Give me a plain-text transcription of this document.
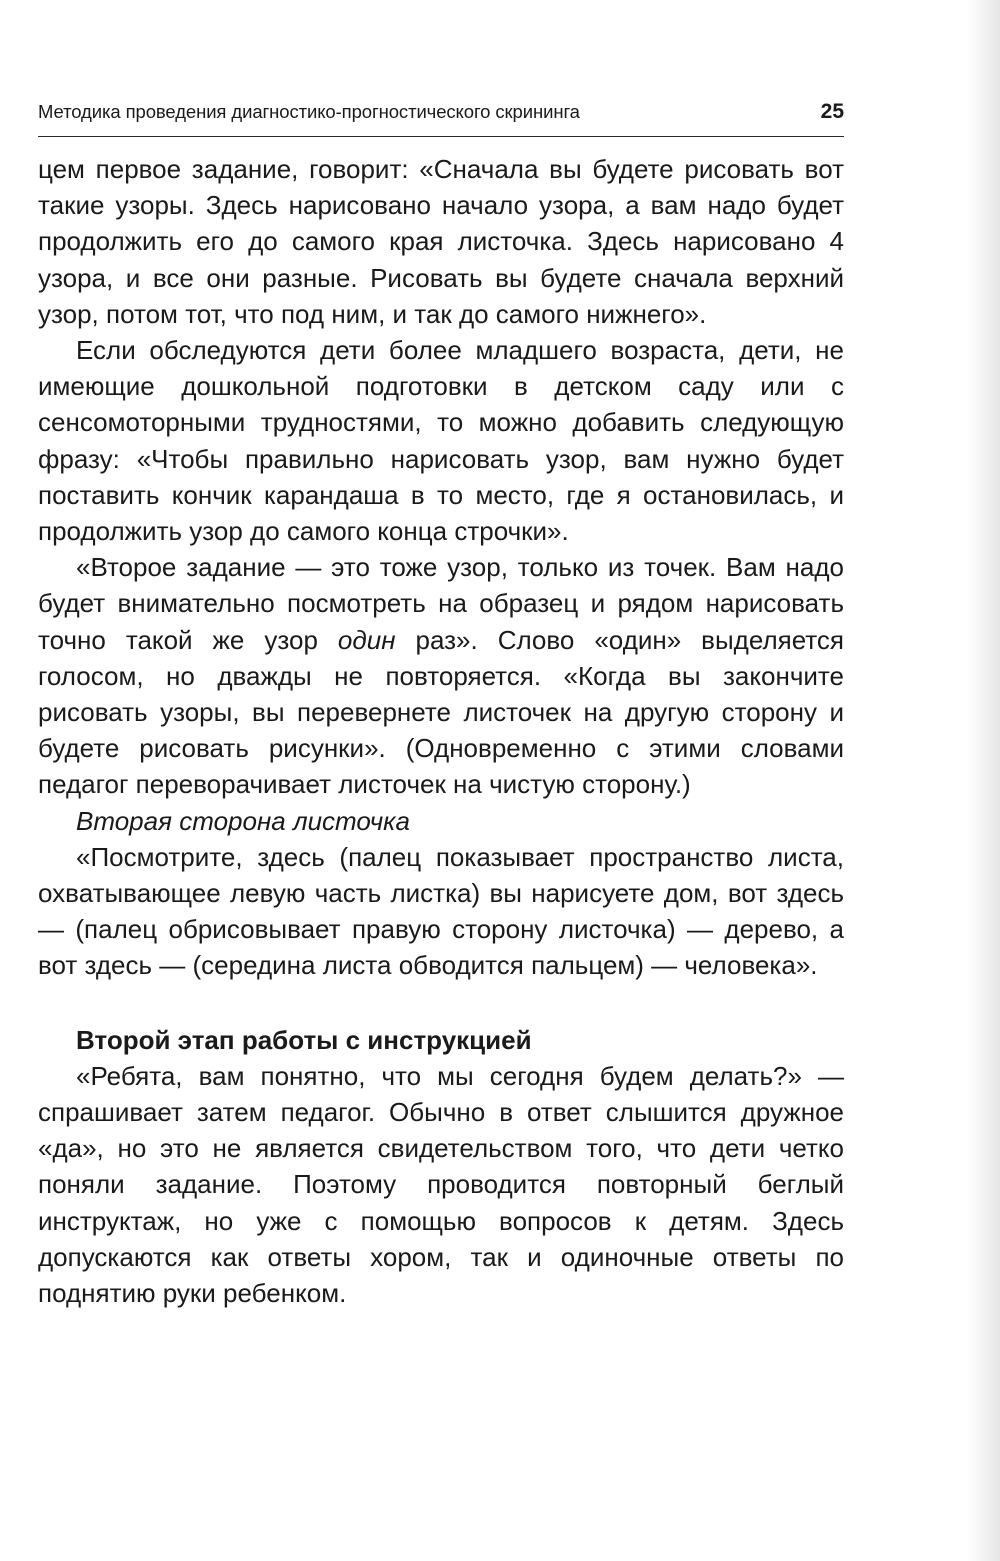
Методика проведения диагностико-прогностического скрининга	25

цем первое задание, говорит: «Сначала вы будете рисовать вот такие узоры. Здесь нарисовано начало узора, а вам надо будет продолжить его до самого края листочка. Здесь нарисовано 4 узора, и все они разные. Рисовать вы будете сначала верхний узор, потом тот, что под ним, и так до самого нижнего».

Если обследуются дети более младшего возраста, дети, не имеющие дошкольной подготовки в детском саду или с сенсомоторными трудностями, то можно добавить следующую фразу: «Чтобы правильно нарисовать узор, вам нужно будет поставить кончик карандаша в то место, где я остановилась, и продолжить узор до самого конца строчки».

«Второе задание — это тоже узор, только из точек. Вам надо будет внимательно посмотреть на образец и рядом нарисовать точно такой же узор один раз». Слово «один» выделяется голосом, но дважды не повторяется. «Когда вы закончите рисовать узоры, вы перевернете листочек на другую сторону и будете рисовать рисунки». (Одновременно с этими словами педагог переворачивает листочек на чистую сторону.)

Вторая сторона листочка

«Посмотрите, здесь (палец показывает пространство листа, охватывающее левую часть листка) вы нарисуете дом, вот здесь — (палец обрисовывает правую сторону листочка) — дерево, а вот здесь — (середина листа обводится пальцем) — человека».

Второй этап работы с инструкцией

«Ребята, вам понятно, что мы сегодня будем делать?» — спрашивает затем педагог. Обычно в ответ слышится дружное «да», но это не является свидетельством того, что дети четко поняли задание. Поэтому проводится повторный беглый инструктаж, но уже с помощью вопросов к детям. Здесь допускаются как ответы хором, так и одиночные ответы по поднятию руки ребенком.
